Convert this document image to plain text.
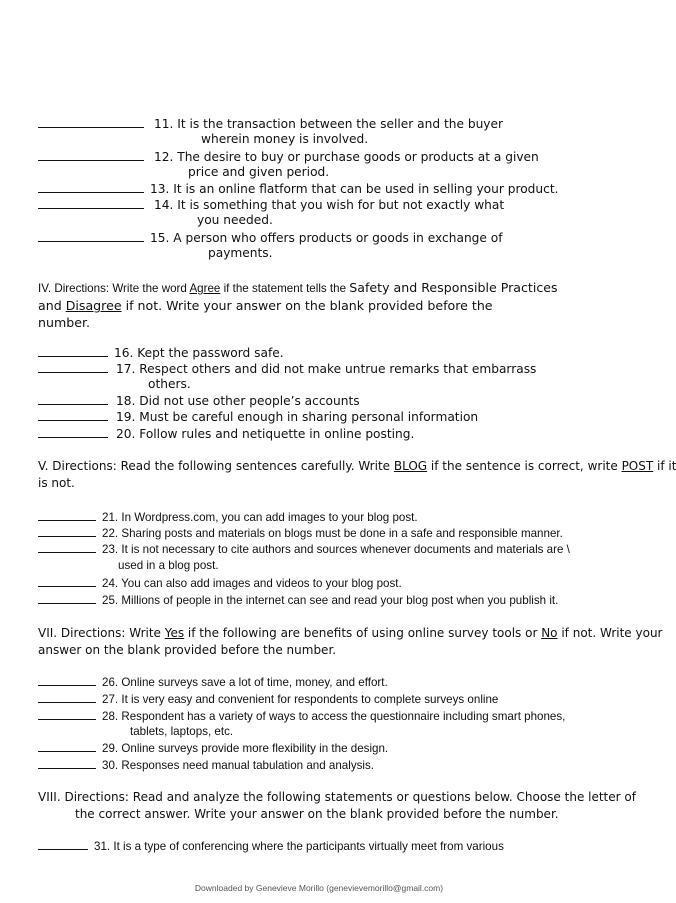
11. It is the transaction between the seller and the buyer
wherein money is involved.
12. The desire to buy or purchase goods or products at a given
price and given period.
13. It is an online flatform that can be used in selling your product.
14. It is something that you wish for but not exactly what
you needed.
15. A person who offers products or goods in exchange of
payments.
IV. Directions: Write the word Agree if the statement tells the Safety and Responsible Practices
and Disagree if not. Write your answer on the blank provided before the
number.
16. Kept the password safe.
17. Respect others and did not make untrue remarks that embarrass
others.
18. Did not use other people’s accounts
19. Must be careful enough in sharing personal information
20. Follow rules and netiquette in online posting.
V. Directions: Read the following sentences carefully. Write BLOG if the sentence is correct, write POST if it
is not.
21. In Wordpress.com, you can add images to your blog post.
22. Sharing posts and materials on blogs must be done in a safe and responsible manner.
23. It is not necessary to cite authors and sources whenever documents and materials are \
used in a blog post.
24. You can also add images and videos to your blog post.
25. Millions of people in the internet can see and read your blog post when you publish it.
VII. Directions: Write Yes if the following are benefits of using online survey tools or No if not. Write your
answer on the blank provided before the number.
26. Online surveys save a lot of time, money, and effort.
27. It is very easy and convenient for respondents to complete surveys online
28. Respondent has a variety of ways to access the questionnaire including smart phones,
tablets, laptops, etc.
29. Online surveys provide more flexibility in the design.
30. Responses need manual tabulation and analysis.
VIII. Directions: Read and analyze the following statements or questions below. Choose the letter of
the correct answer. Write your answer on the blank provided before the number.
31. It is a type of conferencing where the participants virtually meet from various
Downloaded by Genevieve Morillo (genevievemorillo@gmail.com)
